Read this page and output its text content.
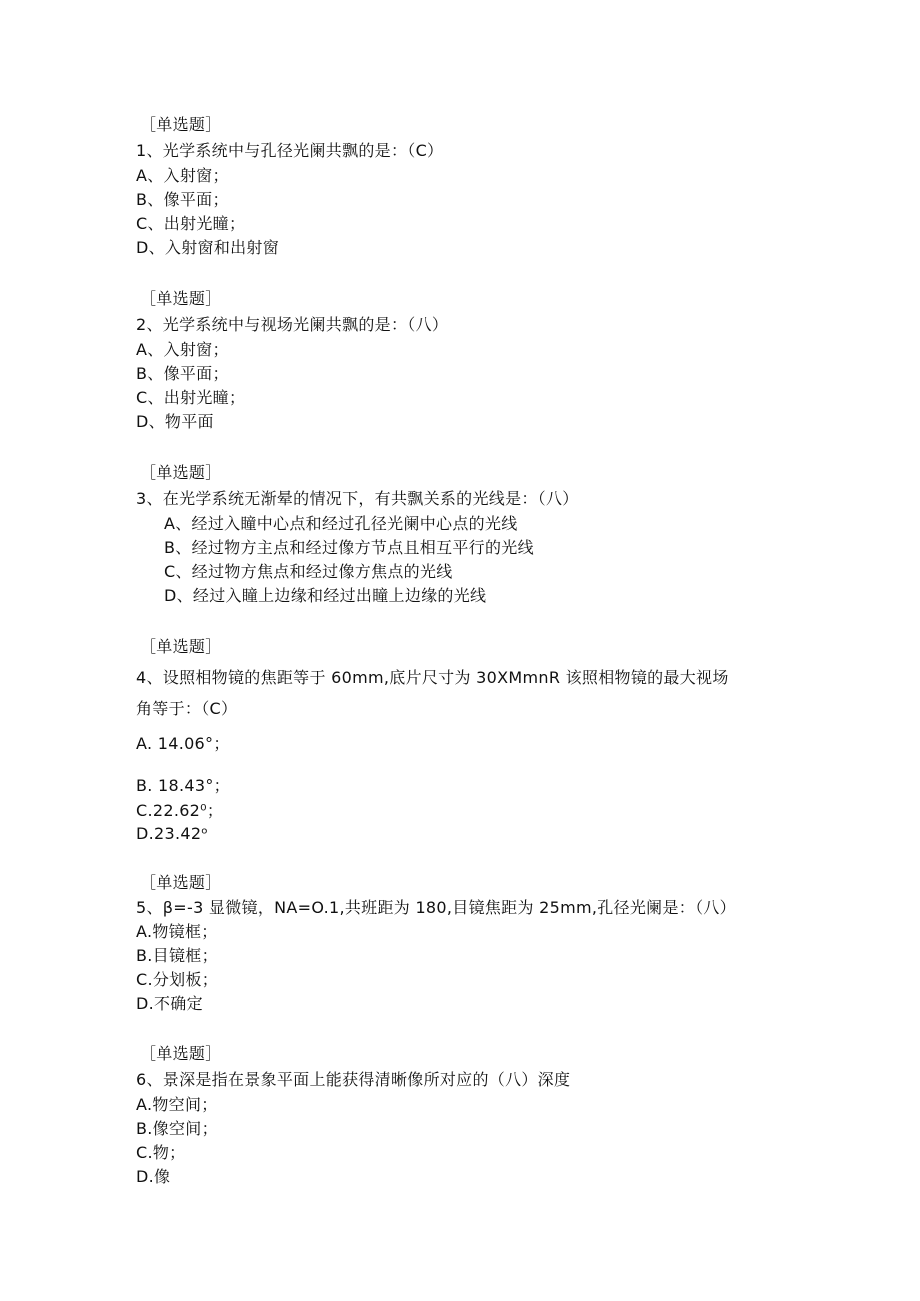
［单选题］
1、光学系统中与孔径光阑共飘的是：（C）
A、入射窗；
B、像平面；
C、出射光瞳；
D、入射窗和出射窗
［单选题］
2、光学系统中与视场光阑共飘的是：（八）
A、入射窗；
B、像平面；
C、出射光瞳；
D、物平面
［单选题］
3、在光学系统无渐晕的情况下，有共飘关系的光线是：（八）
A、经过入瞳中心点和经过孔径光阑中心点的光线
B、经过物方主点和经过像方节点且相互平行的光线
C、经过物方焦点和经过像方焦点的光线
D、经过入瞳上边缘和经过出瞳上边缘的光线
［单选题］
4、设照相物镜的焦距等于 60mm,底片尺寸为 30XMmnR 该照相物镜的最大视场
角等于：（C）
A. 14.06°；
B. 18.43°；
C.22.62⁰；
D.23.42ᵒ
［单选题］
5、β=-3 显微镜，NA=O.1,共班距为 180,目镜焦距为 25mm,孔径光阑是：（八）
A.物镜框；
B.目镜框；
C.分划板；
D.不确定
［单选题］
6、景深是指在景象平面上能获得清晰像所对应的（八）深度
A.物空间；
B.像空间；
C.物；
D.像
